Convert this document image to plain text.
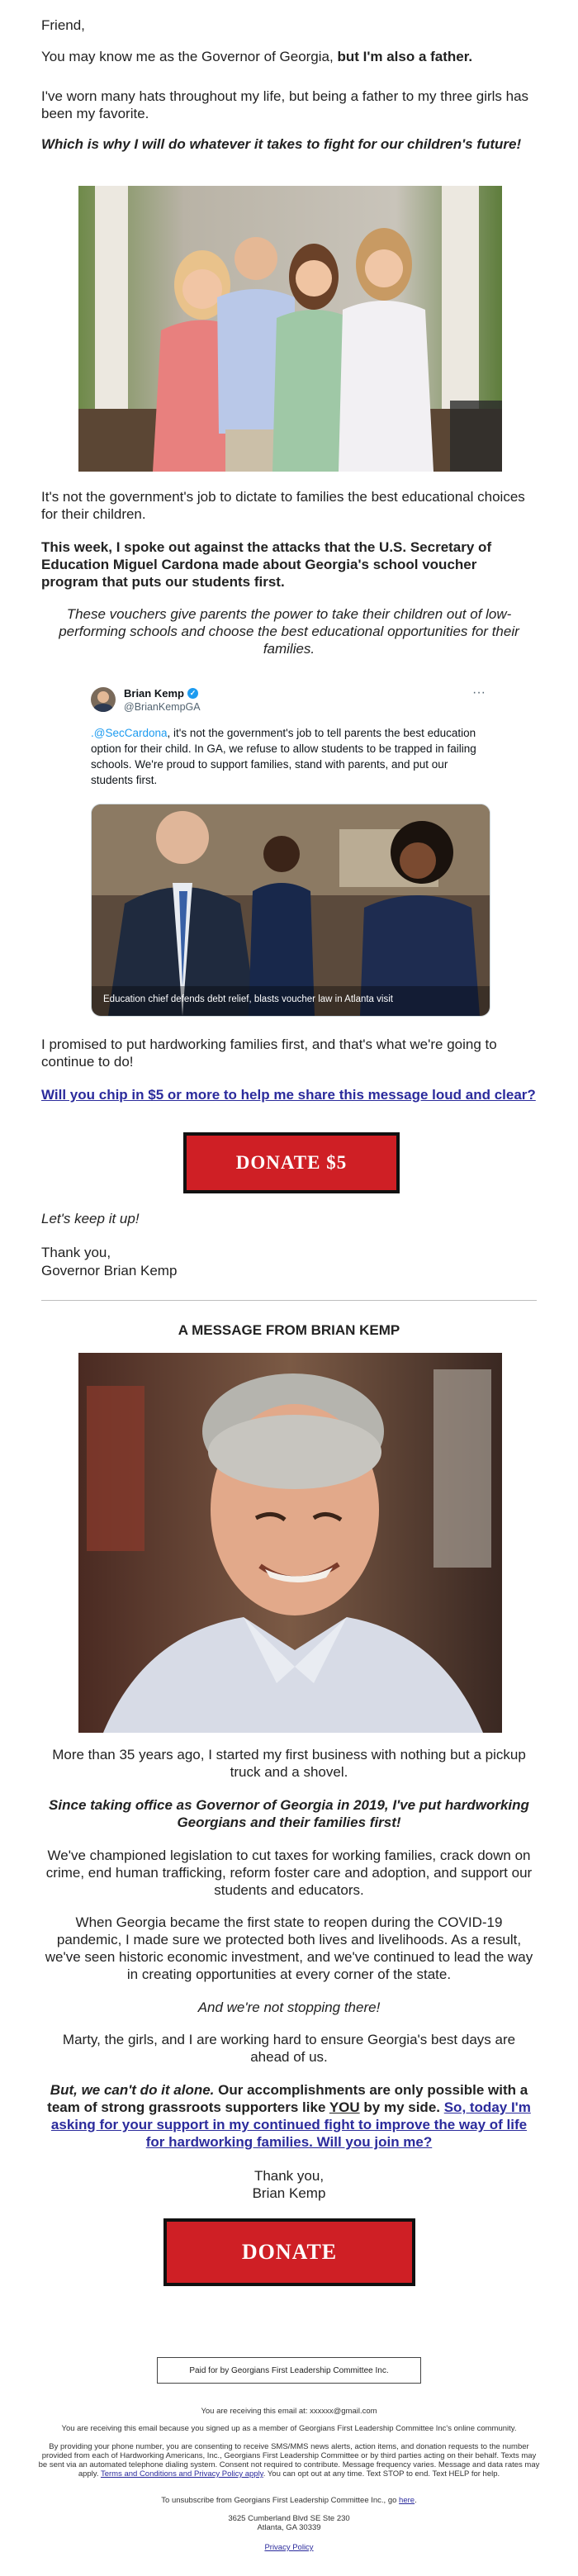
Friend,

You may know me as the Governor of Georgia, but I'm also a father.

I've worn many hats throughout my life, but being a father to my three girls has been my favorite.

Which is why I will do whatever it takes to fight for our children's future!

It's not the government's job to dictate to families the best educational choices for their children.

This week, I spoke out against the attacks that the U.S. Secretary of Education Miguel Cardona made about Georgia's school voucher program that puts our students first.

These vouchers give parents the power to take their children out of low-performing schools and choose the best educational opportunities for their families.

Brian Kemp ✓
@BrianKempGA
···

.@SecCardona, it's not the government's job to tell parents the best education option for their child. In GA, we refuse to allow students to be trapped in failing schools. We're proud to support families, stand with parents, and put our students first.

Education chief defends debt relief, blasts voucher law in Atlanta visit

I promised to put hardworking families first, and that's what we're going to continue to do!

Will you chip in $5 or more to help me share this message loud and clear?

DONATE $5

Let's keep it up!

Thank you,

Governor Brian Kemp

A MESSAGE FROM BRIAN KEMP

More than 35 years ago, I started my first business with nothing but a pickup truck and a shovel.

Since taking office as Governor of Georgia in 2019, I've put hardworking Georgians and their families first!

We've championed legislation to cut taxes for working families, crack down on crime, end human trafficking, reform foster care and adoption, and support our students and educators.

When Georgia became the first state to reopen during the COVID-19 pandemic, I made sure we protected both lives and livelihoods. As a result, we've seen historic economic investment, and we've continued to lead the way in creating opportunities at every corner of the state.

And we're not stopping there!

Marty, the girls, and I are working hard to ensure Georgia's best days are ahead of us.

But, we can't do it alone. Our accomplishments are only possible with a team of strong grassroots supporters like YOU by my side. So, today I'm asking for your support in my continued fight to improve the way of life for hardworking families. Will you join me?

Thank you,

Brian Kemp

DONATE
Paid for by Georgians First Leadership Committee Inc.

You are receiving this email at: xxxxxx@gmail.com

You are receiving this email because you signed up as a member of Georgians First Leadership Committee Inc's online community.

By providing your phone number, you are consenting to receive SMS/MMS news alerts, action items, and donation requests to the number provided from each of Hardworking Americans, Inc., Georgians First Leadership Committee or by third parties acting on their behalf. Texts may be sent via an automated telephone dialing system. Consent not required to contribute. Message frequency varies. Message and data rates may apply. Terms and Conditions and Privacy Policy apply. You can opt out at any time. Text STOP to end. Text HELP for help.

To unsubscribe from Georgians First Leadership Committee Inc., go here.

3625 Cumberland Blvd SE Ste 230

Atlanta, GA 30339

Privacy Policy
